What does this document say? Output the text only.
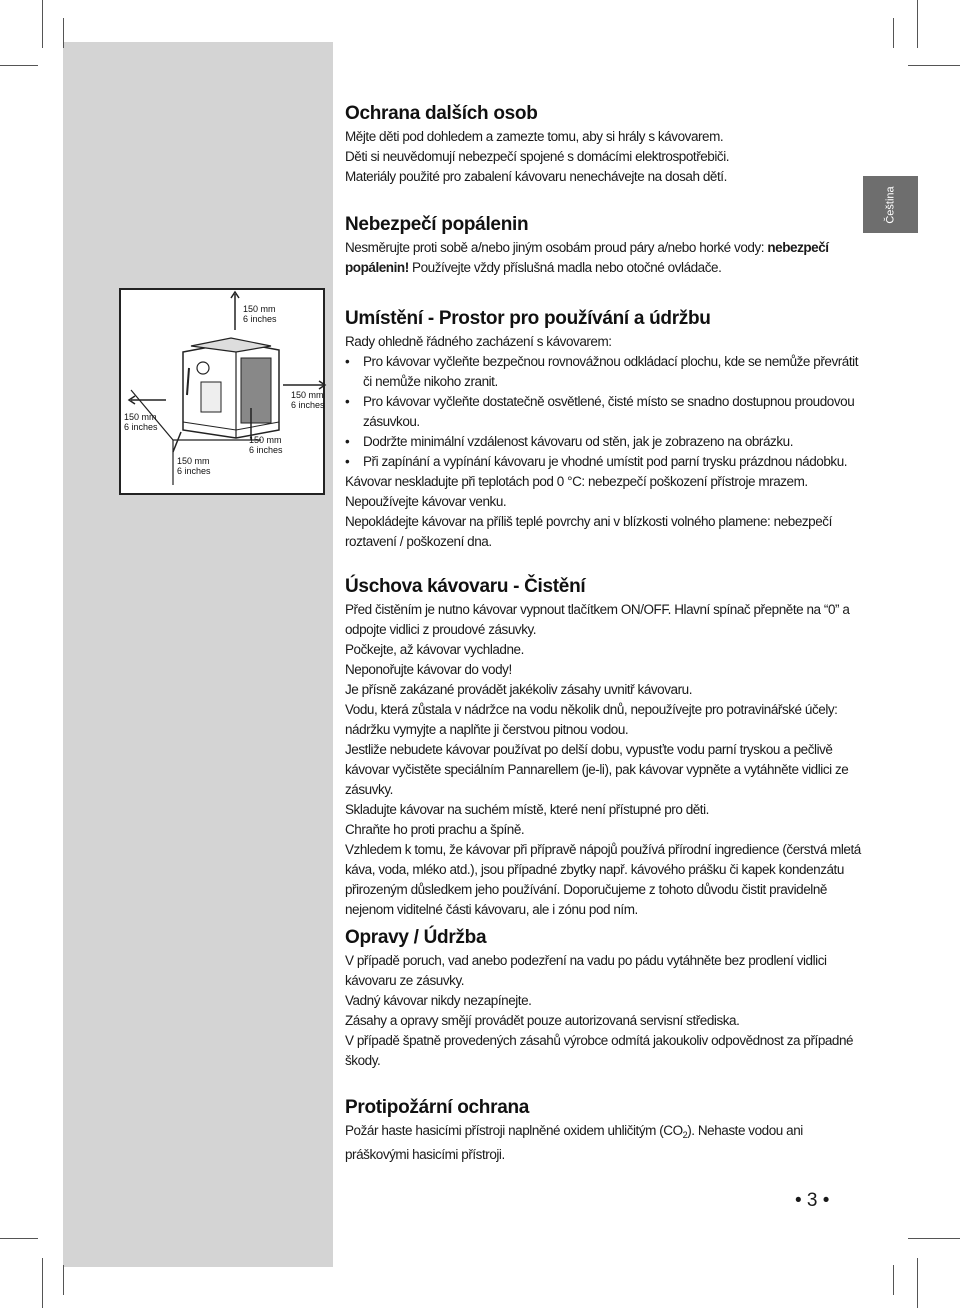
Čeština
Ochrana dalších osob

Mějte děti pod dohledem a zamezte tomu, aby si hrály s kávovarem.

Děti si neuvědomují nebezpečí spojené s domácími elektrospotřebiči.

Materiály použité pro zabalení kávovaru nenechávejte na dosah dětí.

Nebezpečí popálenin

Nesměrujte proti sobě a/nebo jiným osobám proud páry a/nebo horké vody: nebezpečí popálenin! Používejte vždy příslušná madla nebo otočné ovládače.

150 mm
6 inches
150 mm
6 inches
150 mm
6 inches
150 mm
6 inches
150 mm
6 inches
Umístění - Prostor pro používání a údržbu

Rady ohledně řádného zacházení s kávovarem:

• Pro kávovar vyčleňte bezpečnou rovnovážnou odkládací plochu, kde se nemůže převrátit či nemůže nikoho zranit.
• Pro kávovar vyčleňte dostatečně osvětlené, čisté místo se snadno dostupnou proudovou zásuvkou.
• Dodržte minimální vzdálenost kávovaru od stěn, jak je zobrazeno na obrázku.
• Při zapínání a vypínání kávovaru je vhodné umístit pod parní trysku prázdnou nádobku.

Kávovar neskladujte při teplotách pod 0 °C: nebezpečí poškození přístroje mrazem.

Nepoužívejte kávovar venku.

Nepokládejte kávovar na příliš teplé povrchy ani v blízkosti volného plamene: nebezpečí roztavení / poškození dna.

Úschova kávovaru - Čistění

Před čistěním je nutno kávovar vypnout tlačítkem ON/OFF. Hlavní spínač přepněte na “0” a odpojte vidlici z proudové zásuvky.

Počkejte, až kávovar vychladne.

Neponořujte kávovar do vody!

Je přísně zakázané provádět jakékoliv zásahy uvnitř kávovaru.

Vodu, která zůstala v nádržce na vodu několik dnů, nepoužívejte pro potravinářské účely: nádržku vymyjte a naplňte ji čerstvou pitnou vodou.

Jestliže nebudete kávovar používat po delší dobu, vypusťte vodu parní tryskou a pečlivě kávovar vyčistěte speciálním Pannarellem (je-li), pak kávovar vypněte a vytáhněte vidlici ze zásuvky.

Skladujte kávovar na suchém místě, které není přístupné pro děti.

Chraňte ho proti prachu a špíně.

Vzhledem k tomu, že kávovar při přípravě nápojů používá přírodní ingredience (čerstvá mletá káva, voda, mléko atd.), jsou případné zbytky např. kávového prášku či kapek kondenzátu přirozeným důsledkem jeho používání. Doporučujeme z tohoto důvodu čistit pravidelně nejenom viditelné části kávovaru, ale i zónu pod ním.

Opravy / Údržba

V případě poruch, vad anebo podezření na vadu po pádu vytáhněte bez prodlení vidlici kávovaru ze zásuvky.

Vadný kávovar nikdy nezapínejte.

Zásahy a opravy smějí provádět pouze autorizovaná servisní střediska.

V případě špatně provedených zásahů výrobce odmítá jakoukoliv odpovědnost za případné škody.

Protipožární ochrana

Požár haste hasicími přístroji naplněné oxidem uhličitým $(CO_2)$. Nehaste vodou ani práškovými hasicími přístroji.

• 3 •
